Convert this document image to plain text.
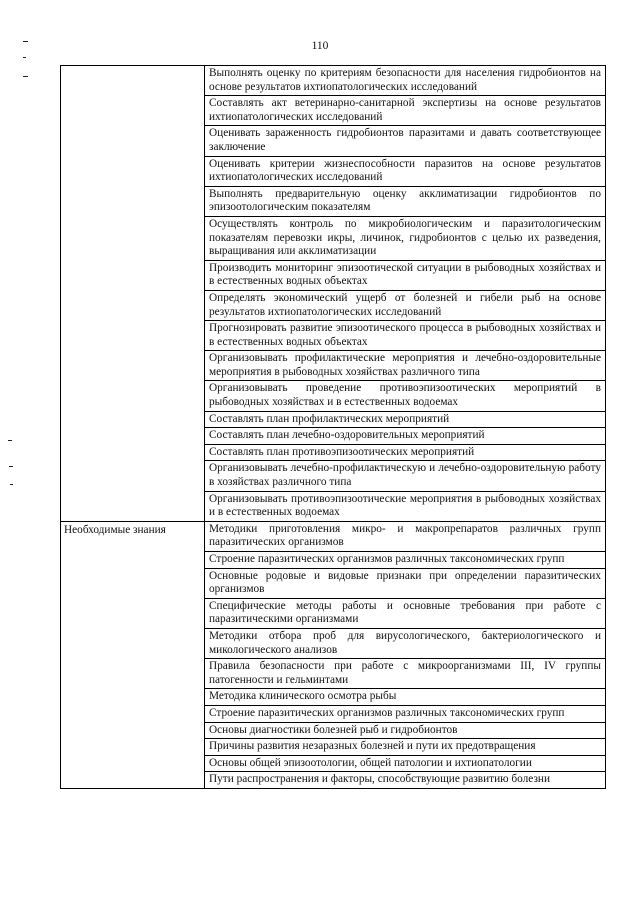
110
	Выполнять оценку по критериям безопасности для населения гидробионтов на основе результатов ихтиопатологических исследований
	Составлять акт ветеринарно-санитарной экспертизы на основе результатов ихтиопатологических исследований
	Оценивать зараженность гидробионтов паразитами и давать соответствующее заключение
	Оценивать критерии жизнеспособности паразитов на основе результатов ихтиопатологических исследований
	Выполнять предварительную оценку акклиматизации гидробионтов по эпизоотологическим показателям
	Осуществлять контроль по микробиологическим и паразитологическим показателям перевозки икры, личинок, гидробионтов с целью их разведения, выращивания или акклиматизации
	Производить мониторинг эпизоотической ситуации в рыбоводных хозяйствах и в естественных водных объектах
	Определять экономический ущерб от болезней и гибели рыб на основе результатов ихтиопатологических исследований
	Прогнозировать развитие эпизоотического процесса в рыбоводных хозяйствах и в естественных водных объектах
	Организовывать профилактические мероприятия и лечебно-оздоровительные мероприятия в рыбоводных хозяйствах различного типа
	Организовывать проведение противоэпизоотических мероприятий в рыбоводных хозяйствах и в естественных водоемах
	Составлять план профилактических мероприятий
	Составлять план лечебно-оздоровительных мероприятий
	Составлять план противоэпизоотических мероприятий
	Организовывать лечебно-профилактическую и лечебно-оздоровительную работу в хозяйствах различного типа
	Организовывать противоэпизоотические мероприятия в рыбоводных хозяйствах и в естественных водоемах
Необходимые знания	Методики приготовления микро- и макропрепаратов различных групп паразитических организмов
	Строение паразитических организмов различных таксономических групп
	Основные родовые и видовые признаки при определении паразитических организмов
	Специфические методы работы и основные требования при работе с паразитическими организмами
	Методики отбора проб для вирусологического, бактериологического и микологического анализов
	Правила безопасности при работе с микроорганизмами III, IV группы патогенности и гельминтами
	Методика клинического осмотра рыбы
	Строение паразитических организмов различных таксономических групп
	Основы диагностики болезней рыб и гидробионтов
	Причины развития незаразных болезней и пути их предотвращения
	Основы общей эпизоотологии, общей патологии и ихтиопатологии
	Пути распространения и факторы, способствующие развитию болезни
